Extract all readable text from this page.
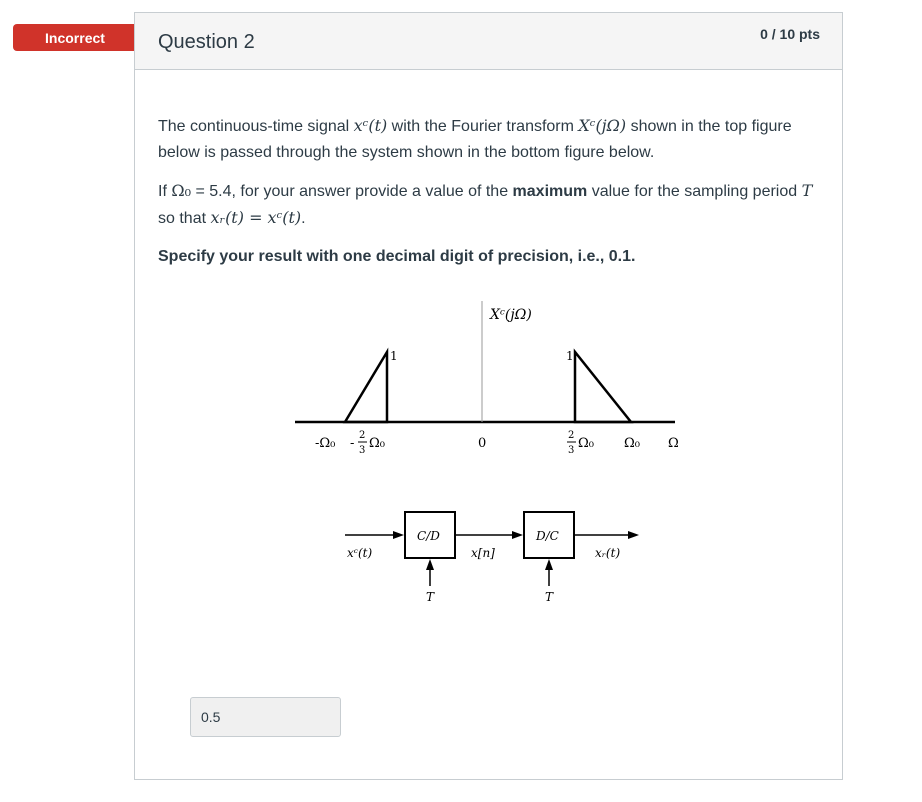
Incorrect	Question 2	0 / 10 pts

The continuous-time signal xᶜ(t) with the Fourier transform Xᶜ(jΩ) shown in the top figure below is passed through the system shown in the bottom figure below.

If Ω₀ = 5.4, for your answer provide a value of the maximum value for the sampling period T so that xᵣ(t) = xᶜ(t).

Specify your result with one decimal digit of precision, i.e., 0.1.

Xᶜ(jΩ)
1	1
-Ω₀ -
2
3 Ω₀	0
2
3 Ω₀ Ω₀ Ω
C/D	D/C
xᶜ(t)	x[n]	xᵣ(t)
T	T
0.5
